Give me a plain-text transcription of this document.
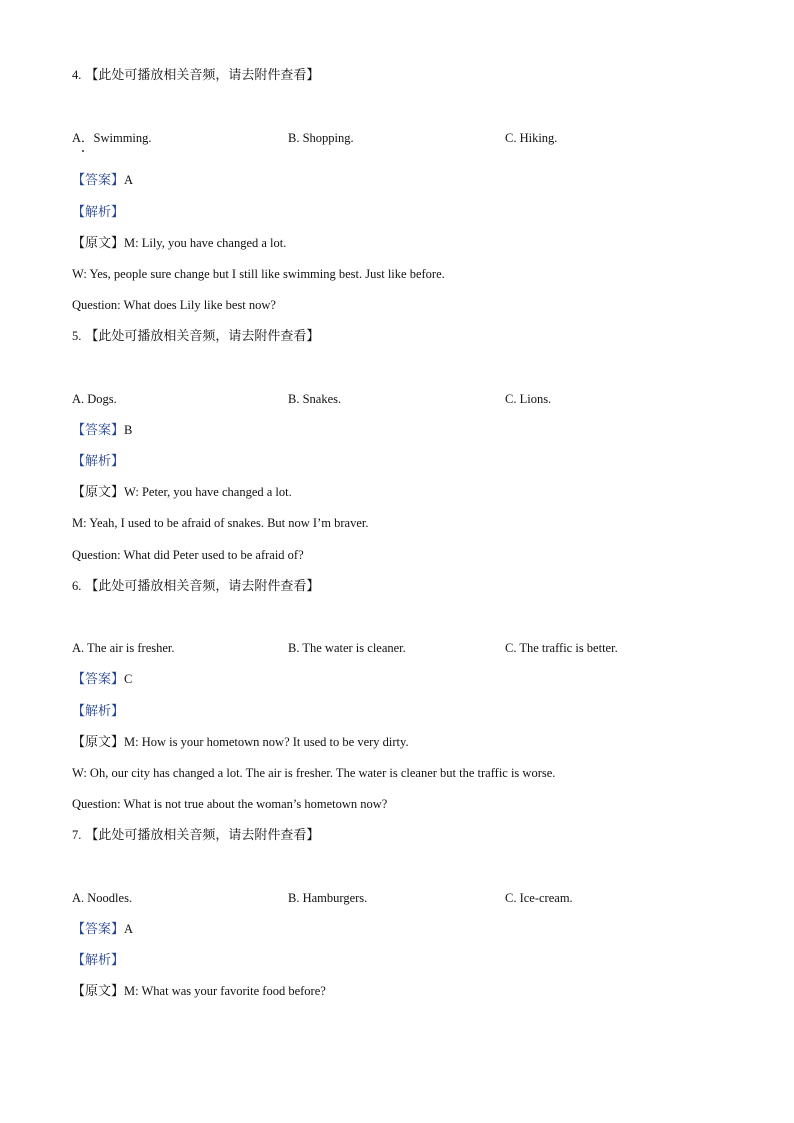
4. 【此处可播放相关音频，请去附件查看】
A．Swimming.	B. Shopping.	C. Hiking.
【答案】A
【解析】
【原文】M: Lily, you have changed a lot.
W: Yes, people sure change but I still like swimming best. Just like before.
Question: What does Lily like best now?
5. 【此处可播放相关音频，请去附件查看】
A. Dogs.	B. Snakes.	C. Lions.
【答案】B
【解析】
【原文】W: Peter, you have changed a lot.
M: Yeah, I used to be afraid of snakes. But now I’m braver.
Question: What did Peter used to be afraid of?
6. 【此处可播放相关音频，请去附件查看】
A. The air is fresher.	B. The water is cleaner.	C. The traffic is better.
【答案】C
【解析】
【原文】M: How is your hometown now? It used to be very dirty.
W: Oh, our city has changed a lot. The air is fresher. The water is cleaner but the traffic is worse.
Question: What is not true about the woman’s hometown now?
7. 【此处可播放相关音频，请去附件查看】
A. Noodles.	B. Hamburgers.	C. Ice-cream.
【答案】A
【解析】
【原文】M: What was your favorite food before?
